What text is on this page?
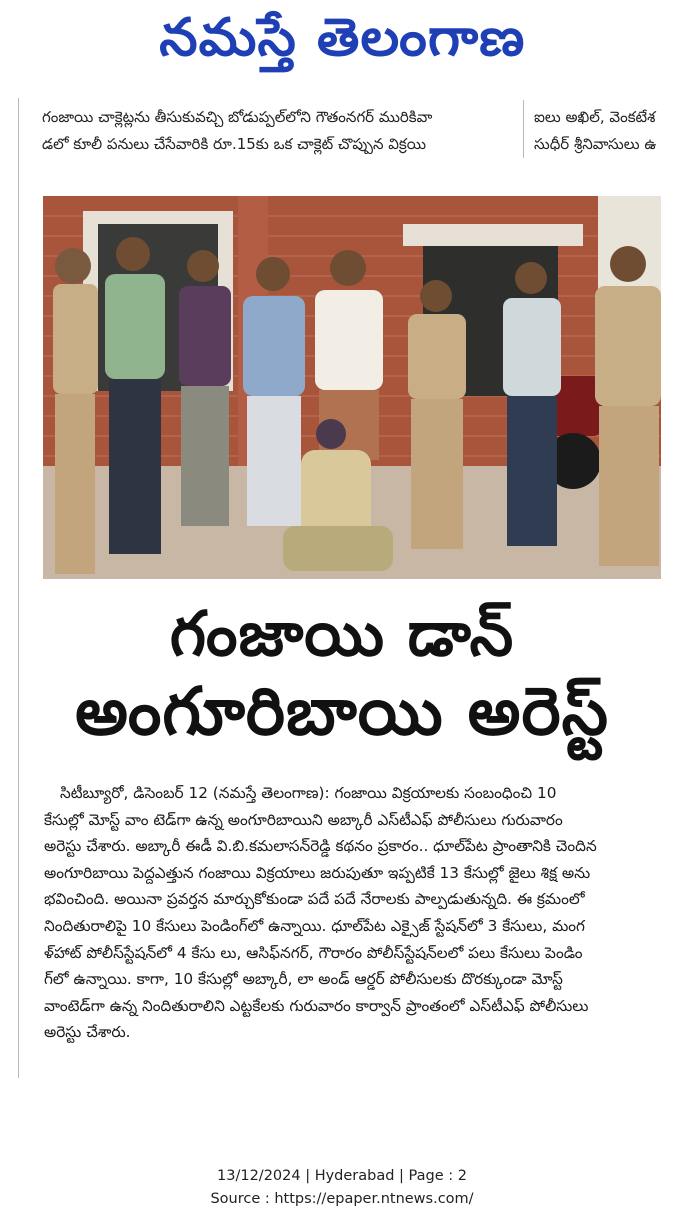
నమస్తే తెలంగాణ
గంజాయి చాక్లెట్లను తీసుకువచ్చి బోడుప్పల్‌లోని గౌతంనగర్ మురికివా
డలో కూలీ పనులు చేసేవారికి రూ.15కు ఒక చాక్లెట్ చొప్పున విక్రయి
ఐలు అఖిల్, వెంకటేశ
సుధీర్ శ్రీనివాసులు ఉ
గంజాయి డాన్
అంగూరిబాయి అరెస్ట్
సిటీబ్యూరో, డిసెంబర్ 12 (నమస్తే తెలంగాణ): గంజాయి విక్రయాలకు సంబంధించి 10
కేసుల్లో మోస్ట్ వాం టెడ్‌గా ఉన్న అంగూరిబాయిని అబ్కారీ ఎస్‌టీఎఫ్ పోలీసులు గురువారం
అరెస్టు చేశారు. అబ్కారీ ఈడీ వి.బి.కమలాసన్‌రెడ్డి కథనం ప్రకారం.. ధూల్‌పేట ప్రాంతానికి చెందిన
అంగూరిబాయి పెద్దఎత్తున గంజాయి విక్రయాలు జరుపుతూ ఇప్పటికే 13 కేసుల్లో జైలు శిక్ష అను
భవించింది. అయినా ప్రవర్తన మార్చుకోకుండా పదే పదే నేరాలకు పాల్పడుతున్నది. ఈ క్రమంలో
నిందితురాలిపై 10 కేసులు పెండింగ్‌లో ఉన్నాయి. ధూల్‌పేట ఎక్సైజ్ స్టేషన్‌లో 3 కేసులు, మంగ
ళ్‌హాట్ పోలీస్‌స్టేషన్‌లో 4 కేసు లు, ఆసిఫ్‌నగర్, గౌరారం పోలీస్‌స్టేషన్‌లలో పలు కేసులు పెండిం
గ్‌లో ఉన్నాయి. కాగా, 10 కేసుల్లో అబ్కారీ, లా అండ్ ఆర్డర్ పోలీసులకు దొరక్కుండా మోస్ట్
వాంటెడ్‌గా ఉన్న నిందితురాలిని ఎట్టకేలకు గురువారం కార్వాన్ ప్రాంతంలో ఎస్‌టీఎఫ్ పోలీసులు
అరెస్టు చేశారు.
13/12/2024 | Hyderabad | Page : 2
Source : https://epaper.ntnews.com/
